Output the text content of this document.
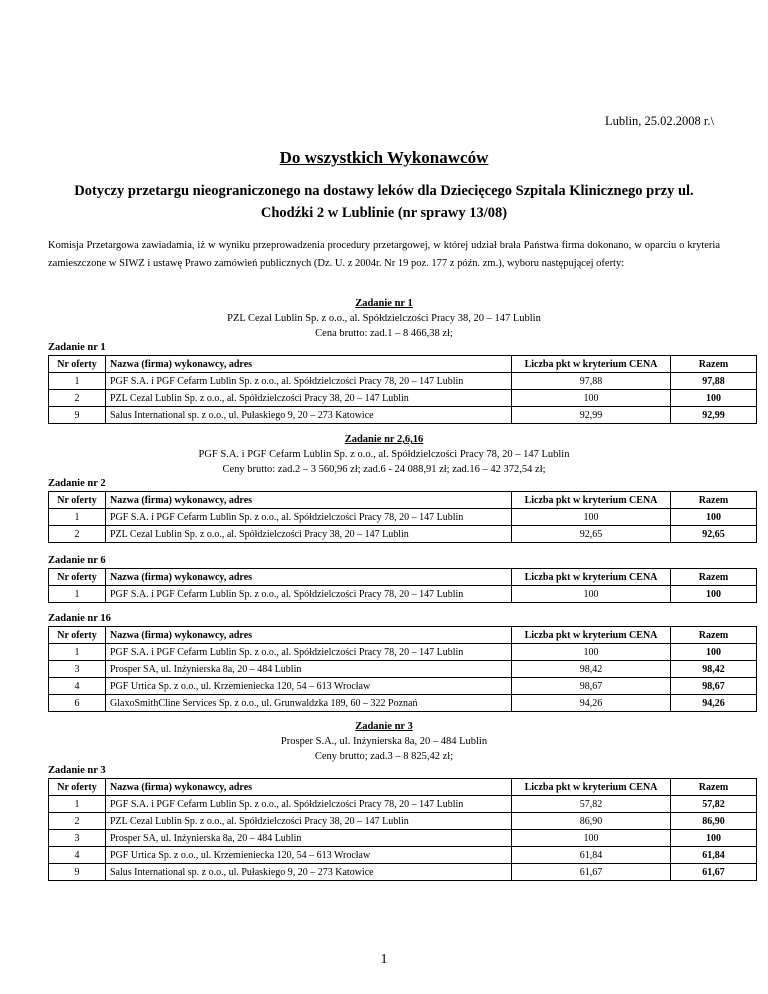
Lublin, 25.02.2008 r.\
Do wszystkich Wykonawców
Dotyczy przetargu nieograniczonego na dostawy leków dla Dziecięcego Szpitala Klinicznego przy ul. Chodźki 2 w Lublinie (nr sprawy 13/08)
Komisja Przetargowa zawiadamia, iż w wyniku przeprowadzenia procedury przetargowej, w której udział brała Państwa firma dokonano, w oparciu o kryteria zamieszczone w SIWZ i ustawę Prawo zamówień publicznych (Dz. U. z 2004r. Nr 19 poz. 177 z późn. zm.), wyboru następującej oferty:
Zadanie nr 1
PZL Cezal Lublin Sp. z o.o., al. Spółdzielczości Pracy 38, 20 – 147 Lublin
Cena brutto: zad.1 – 8 466,38 zł;
Zadanie nr 1
Nr oferty	Nazwa (firma) wykonawcy, adres	Liczba pkt w kryterium CENA	Razem
1	PGF S.A. i PGF Cefarm Lublin Sp. z o.o., al. Spółdzielczości Pracy 78, 20 – 147 Lublin	97,88	97,88
2	PZL Cezal Lublin Sp. z o.o., al. Spółdzielczości Pracy 38, 20 – 147 Lublin	100	100
9	Salus International sp. z o.o., ul. Pułaskiego 9, 20 – 273 Katowice	92,99	92,99
Zadanie nr 2,6,16
PGF S.A. i PGF Cefarm Lublin Sp. z o.o., al. Spółdzielczości Pracy 78, 20 – 147 Lublin
Ceny brutto: zad.2 – 3 560,96 zł; zad.6 - 24 088,91 zł; zad.16 – 42 372,54 zł;
Zadanie nr 2
Nr oferty	Nazwa (firma) wykonawcy, adres	Liczba pkt w kryterium CENA	Razem
1	PGF S.A. i PGF Cefarm Lublin Sp. z o.o., al. Spółdzielczości Pracy 78, 20 – 147 Lublin	100	100
2	PZL Cezal Lublin Sp. z o.o., al. Spółdzielczości Pracy 38, 20 – 147 Lublin	92,65	92,65
Zadanie nr 6
Nr oferty	Nazwa (firma) wykonawcy, adres	Liczba pkt w kryterium CENA	Razem
1	PGF S.A. i PGF Cefarm Lublin Sp. z o.o., al. Spółdzielczości Pracy 78, 20 – 147 Lublin	100	100
Zadanie nr 16
Nr oferty	Nazwa (firma) wykonawcy, adres	Liczba pkt w kryterium CENA	Razem
1	PGF S.A. i PGF Cefarm Lublin Sp. z o.o., al. Spółdzielczości Pracy 78, 20 – 147 Lublin	100	100
3	Prosper SA, ul. Inżynierska 8a, 20 – 484 Lublin	98,42	98,42
4	PGF Urtica Sp. z o.o., ul. Krzemieniecka 120, 54 – 613 Wrocław	98,67	98,67
6	GlaxoSmithCline Services Sp. z o.o., ul. Grunwaldzka 189, 60 – 322 Poznań	94,26	94,26
Zadanie nr 3
Prosper S.A., ul. Inżynierska 8a, 20 – 484 Lublin
Ceny brutto; zad.3 – 8 825,42 zł;
Zadanie nr 3
Nr oferty	Nazwa (firma) wykonawcy, adres	Liczba pkt w kryterium CENA	Razem
1	PGF S.A. i PGF Cefarm Lublin Sp. z o.o., al. Spółdzielczości Pracy 78, 20 – 147 Lublin	57,82	57,82
2	PZL Cezal Lublin Sp. z o.o., al. Spółdzielczości Pracy 38, 20 – 147 Lublin	86,90	86,90
3	Prosper SA, ul. Inżynierska 8a, 20 – 484 Lublin	100	100
4	PGF Urtica Sp. z o.o., ul. Krzemieniecka 120, 54 – 613 Wrocław	61,84	61,84
9	Salus International sp. z o.o., ul. Pułaskiego 9, 20 – 273 Katowice	61,67	61,67
1
